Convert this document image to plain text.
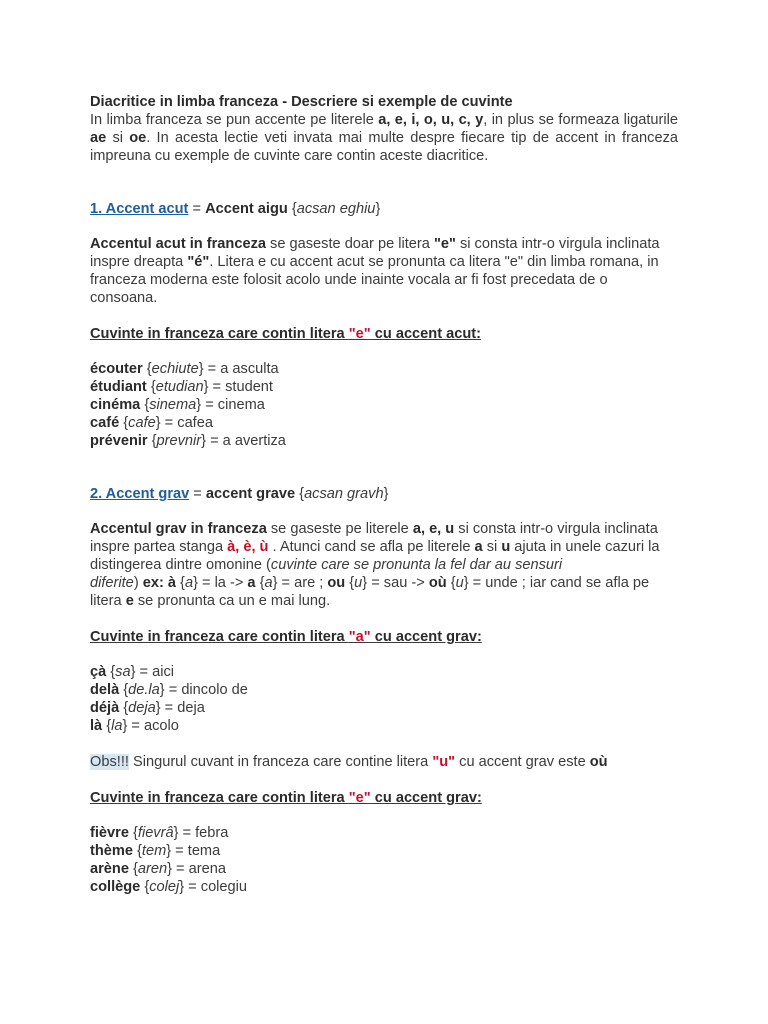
Diacritice in limba franceza - Descriere si exemple de cuvinte
In limba franceza se pun accente pe literele a, e, i, o, u, c, y, in plus se formeaza ligaturile ae si oe. In acesta lectie veti invata mai multe despre fiecare tip de accent in franceza impreuna cu exemple de cuvinte care contin aceste diacritice.
1. Accent acut = Accent aigu {acsan eghiu}
Accentul acut in franceza se gaseste doar pe litera "e" si consta intr-o virgula inclinata inspre dreapta "é". Litera e cu accent acut se pronunta ca litera "e" din limba romana, in franceza moderna este folosit acolo unde inainte vocala ar fi fost precedata de o consoana.
Cuvinte in franceza care contin litera "e" cu accent acut:
écouter {echiute} = a asculta
étudiant {etudian} = student
cinéma {sinema} = cinema
café {cafe} = cafea
prévenir {prevnir} = a avertiza
2. Accent grav = accent grave {acsan gravh}
Accentul grav in franceza se gaseste pe literele a, e, u si consta intr-o virgula inclinata inspre partea stanga à, è, ù . Atunci cand se afla pe literele a si u ajuta in unele cazuri la distingerea dintre omonine (cuvinte care se pronunta la fel dar au sensuri
diferite) ex: à {a} = la -> a {a} = are ; ou {u} = sau -> où {u} = unde ; iar cand se afla pe litera e se pronunta ca un e mai lung.
Cuvinte in franceza care contin litera "a" cu accent grav:
çà {sa} = aici
delà {de.la} = dincolo de
déjà {deja} = deja
là {la} = acolo
Obs!!! Singurul cuvant in franceza care contine litera "u" cu accent grav este où
Cuvinte in franceza care contin litera "e" cu accent grav:
fièvre {fievrâ} = febra
thème {tem} = tema
arène {aren} = arena
collège {colej} = colegiu
